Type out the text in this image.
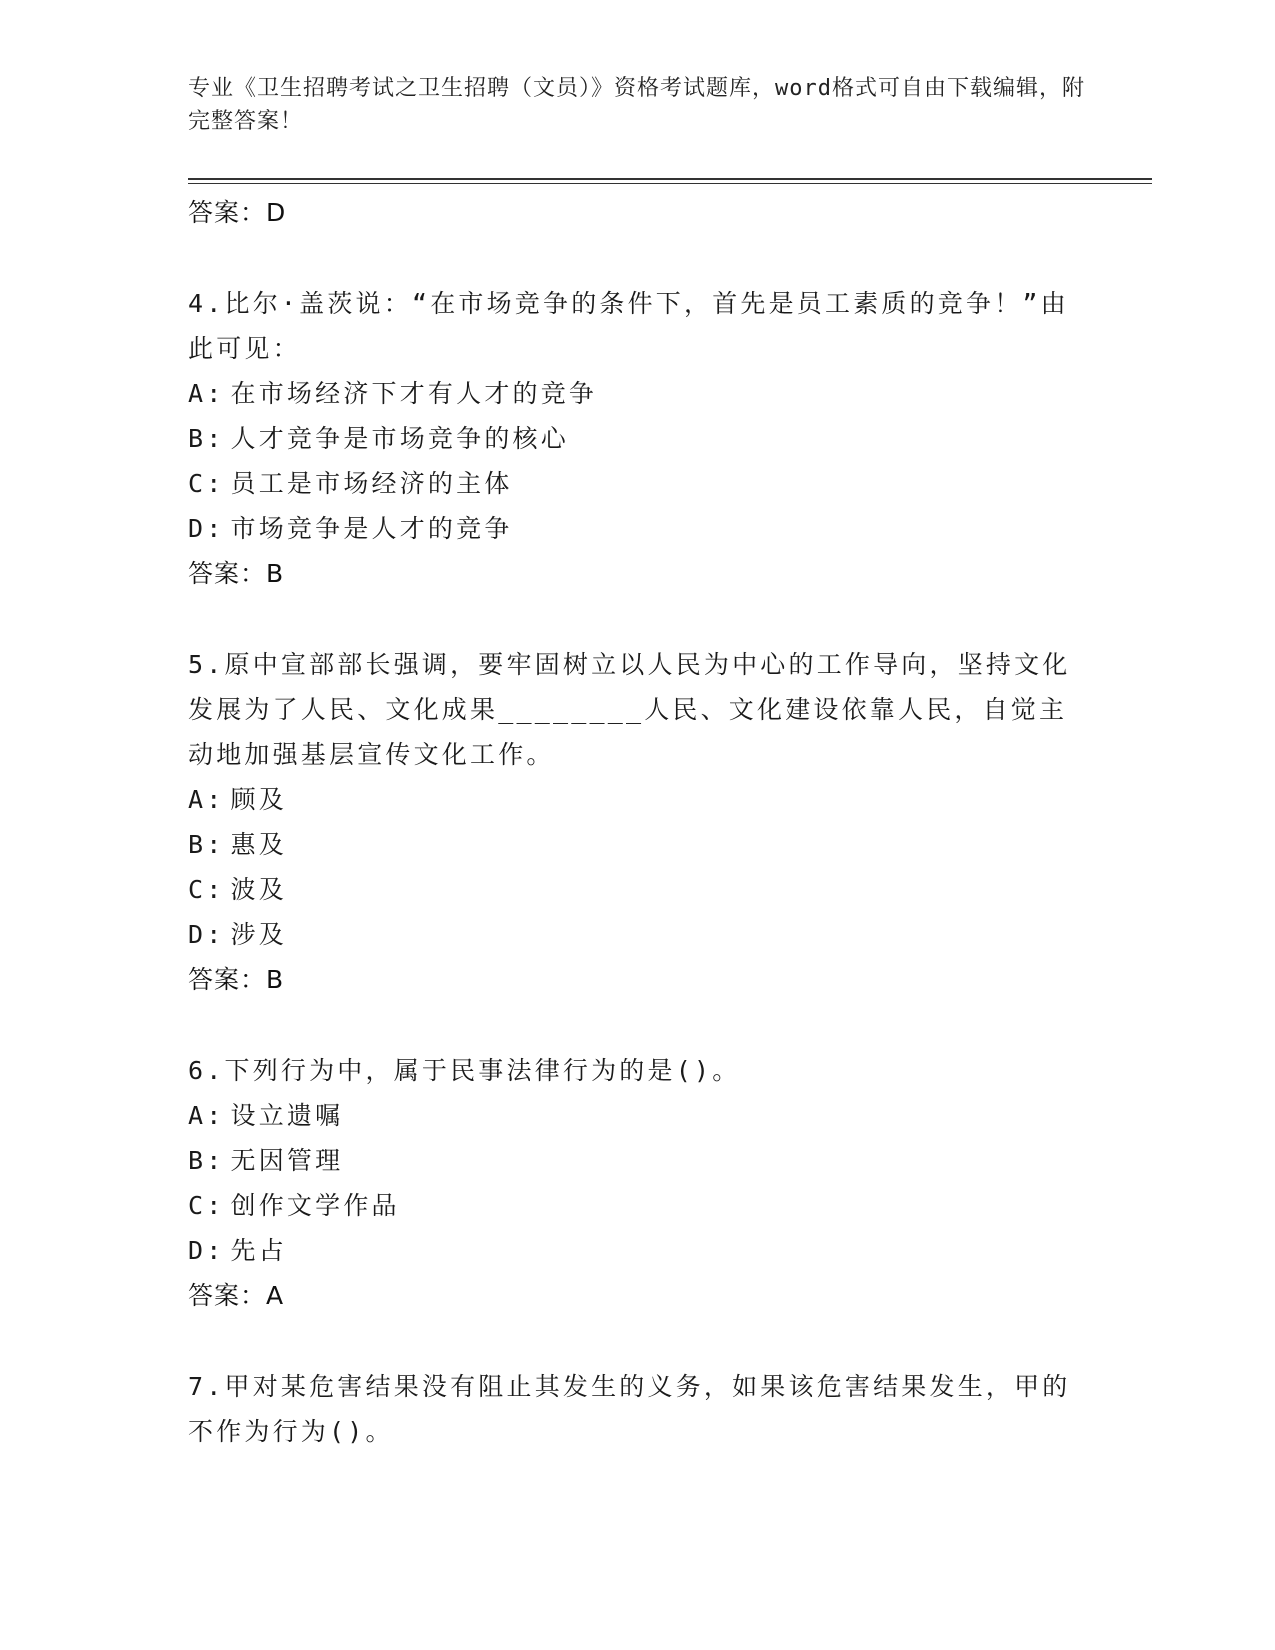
专业《卫生招聘考试之卫生招聘（文员）》资格考试题库，word格式可自由下载编辑，附完整答案！
答案：D
4.比尔·盖茨说：“在市场竞争的条件下，首先是员工素质的竞争！”由此可见：
A: 在市场经济下才有人才的竞争
B: 人才竞争是市场竞争的核心
C: 员工是市场经济的主体
D: 市场竞争是人才的竞争
答案：B
5.原中宣部部长强调，要牢固树立以人民为中心的工作导向，坚持文化发展为了人民、文化成果________人民、文化建设依靠人民，自觉主动地加强基层宣传文化工作。
A: 顾及
B: 惠及
C: 波及
D: 涉及
答案：B
6.下列行为中，属于民事法律行为的是()。
A: 设立遗嘱
B: 无因管理
C: 创作文学作品
D: 先占
答案：A
7.甲对某危害结果没有阻止其发生的义务，如果该危害结果发生，甲的不作为行为()。
